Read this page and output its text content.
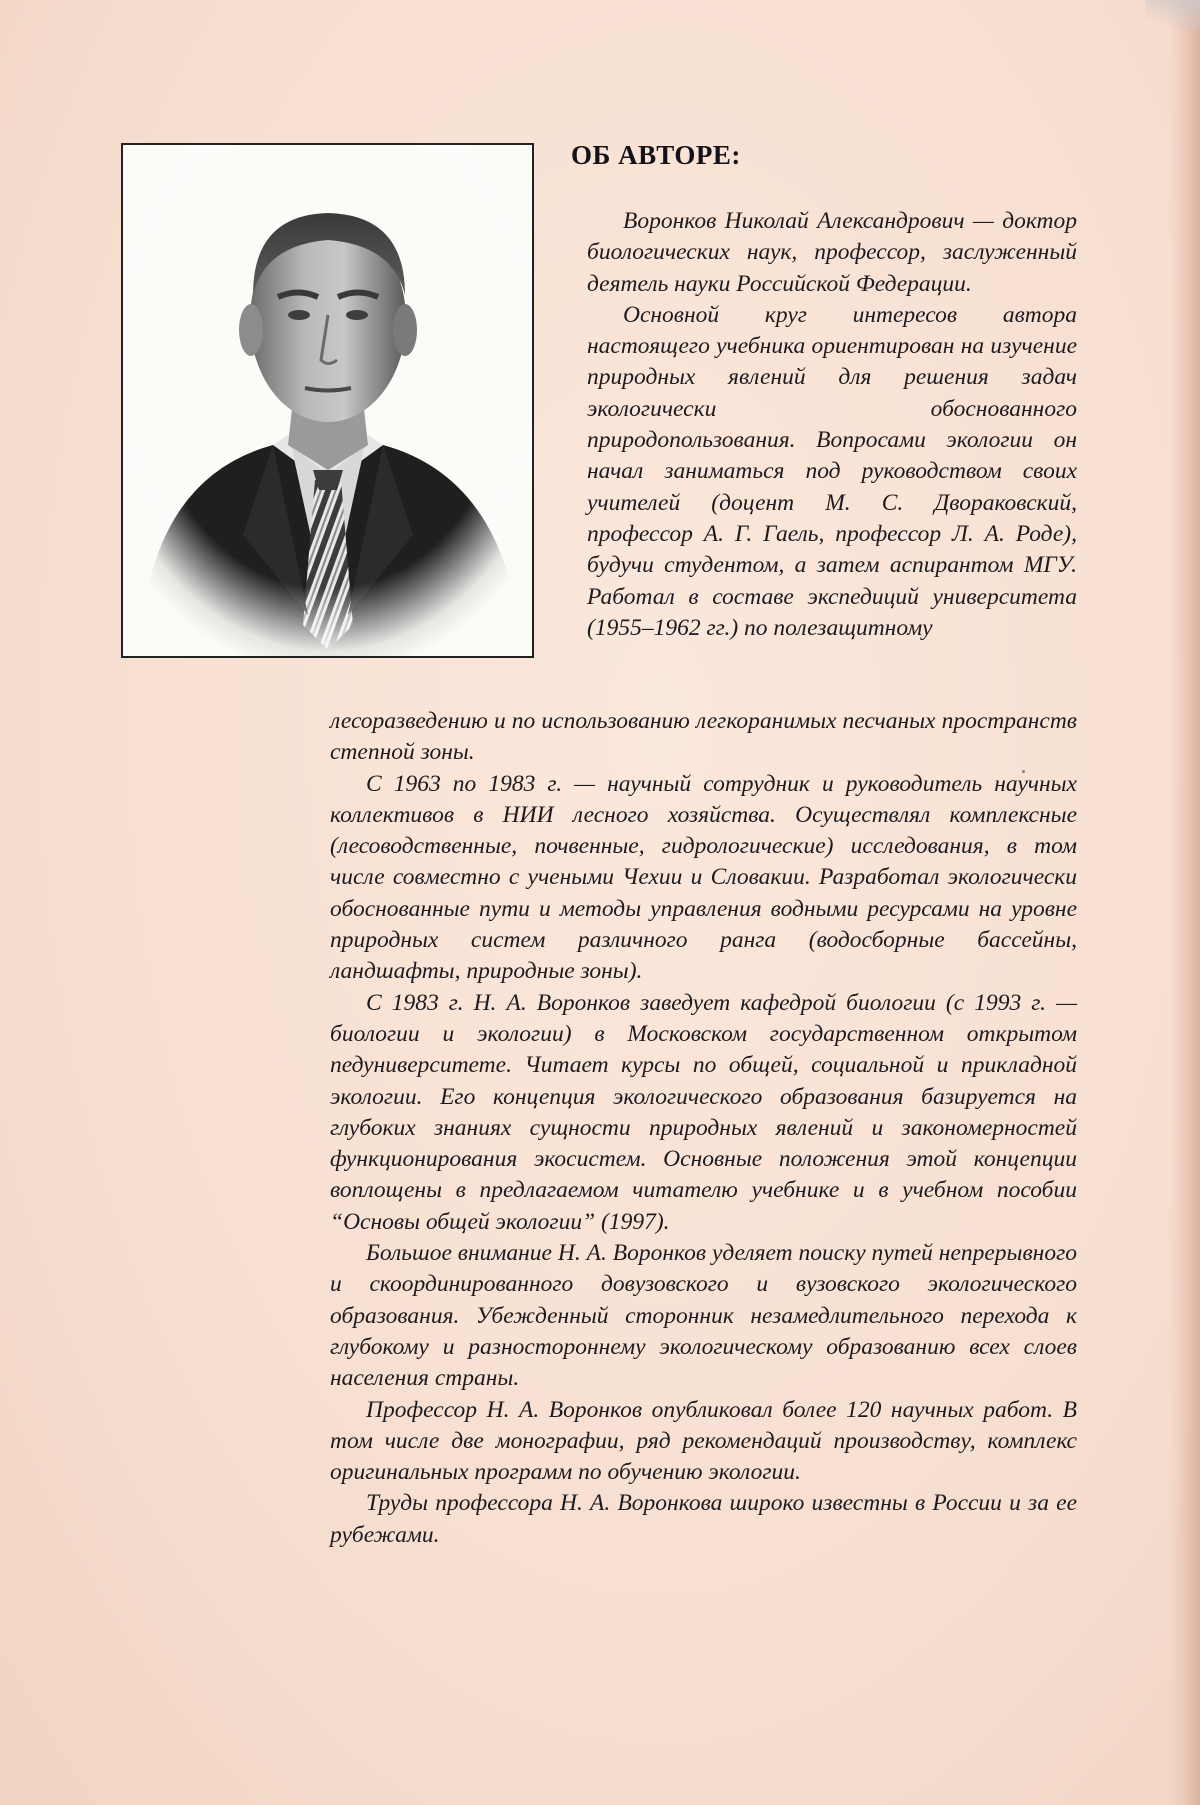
ОБ АВТОРЕ:

Воронков Николай Александрович — доктор биологических наук, профессор, заслуженный деятель науки Российской Федерации.

Основной круг интересов автора настоящего учебника ориентирован на изучение природных явлений для решения задач экологически обоснованного природопользования. Вопросами экологии он начал заниматься под руководством своих учителей (доцент М. С. Двораковский, профессор А. Г. Гаель, профессор Л. А. Роде), будучи студентом, а затем аспирантом МГУ. Работал в составе экспедиций университета (1955–1962 гг.) по полезащитному

лесоразведению и по использованию легкоранимых песчаных пространств степной зоны.

С 1963 по 1983 г. — научный сотрудник и руководитель научных коллективов в НИИ лесного хозяйства. Осуществлял комплексные (лесоводственные, почвенные, гидрологические) исследования, в том числе совместно с учеными Чехии и Словакии. Разработал экологически обоснованные пути и методы управления водными ресурсами на уровне природных систем различного ранга (водосборные бассейны, ландшафты, природные зоны).

С 1983 г. Н. А. Воронков заведует кафедрой биологии (с 1993 г. — биологии и экологии) в Московском государственном открытом педуниверситете. Читает курсы по общей, социальной и прикладной экологии. Его концепция экологического образования базируется на глубоких знаниях сущности природных явлений и закономерностей функционирования экосистем. Основные положения этой концепции воплощены в предлагаемом читателю учебнике и в учебном пособии “Основы общей экологии” (1997).

Большое внимание Н. А. Воронков уделяет поиску путей непрерывного и скоординированного довузовского и вузовского экологического образования. Убежденный сторонник незамедлительного перехода к глубокому и разностороннему экологическому образованию всех слоев населения страны.

Профессор Н. А. Воронков опубликовал более 120 научных работ. В том числе две монографии, ряд рекомендаций производству, комплекс оригинальных программ по обучению экологии.

Труды профессора Н. А. Воронкова широко известны в России и за ее рубежами.
